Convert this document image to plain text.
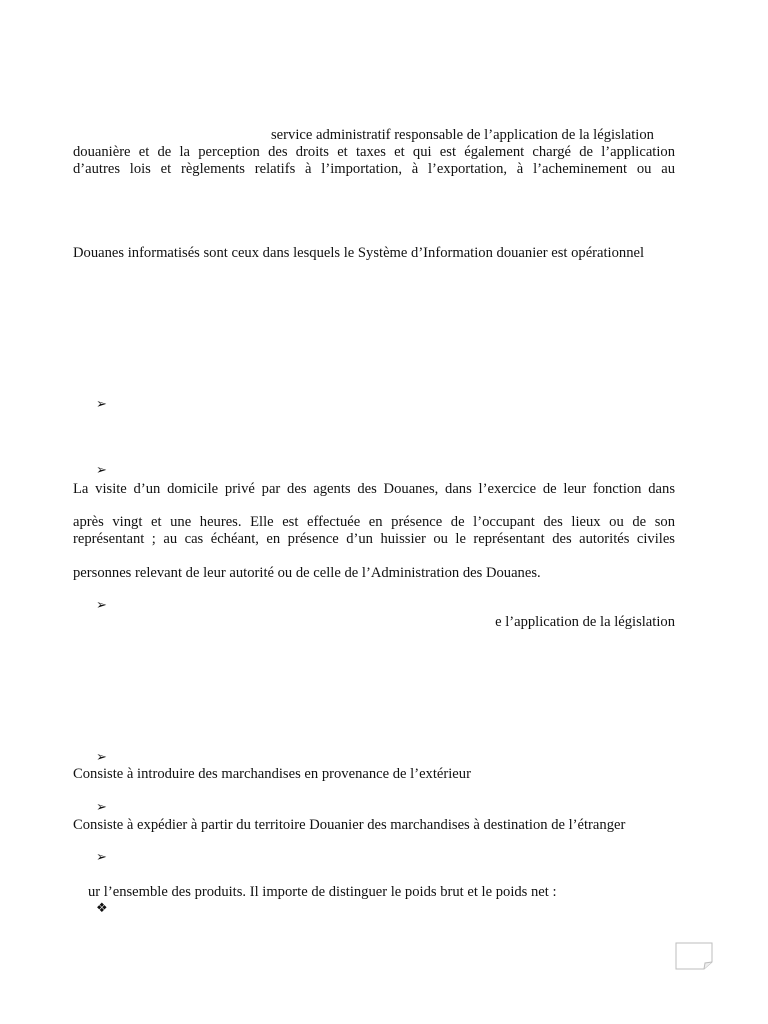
service administratif responsable de l’application de la législation
douanière et de la perception des droits et taxes et qui est également chargé de l’application
d’autres lois et règlements relatifs à l’importation, à l’exportation, à l’acheminement ou au
Douanes informatisés sont ceux dans lesquels le Système d’Information douanier est opérationnel
➢
➢
La visite d’un domicile privé par des agents des Douanes, dans l’exercice de leur fonction dans
après vingt et une heures. Elle est effectuée en présence de l’occupant des lieux ou de son
représentant ; au cas échéant, en présence d’un huissier ou le représentant des autorités civiles
personnes relevant de leur autorité ou de celle de l’Administration des Douanes.
➢
e l’application de la législation
➢
Consiste à introduire des marchandises en provenance de l’extérieur
➢
Consiste à expédier à partir du territoire Douanier des marchandises à destination de l’étranger
➢
ur l’ensemble des produits. Il importe de distinguer le poids brut et le poids net :
❖
